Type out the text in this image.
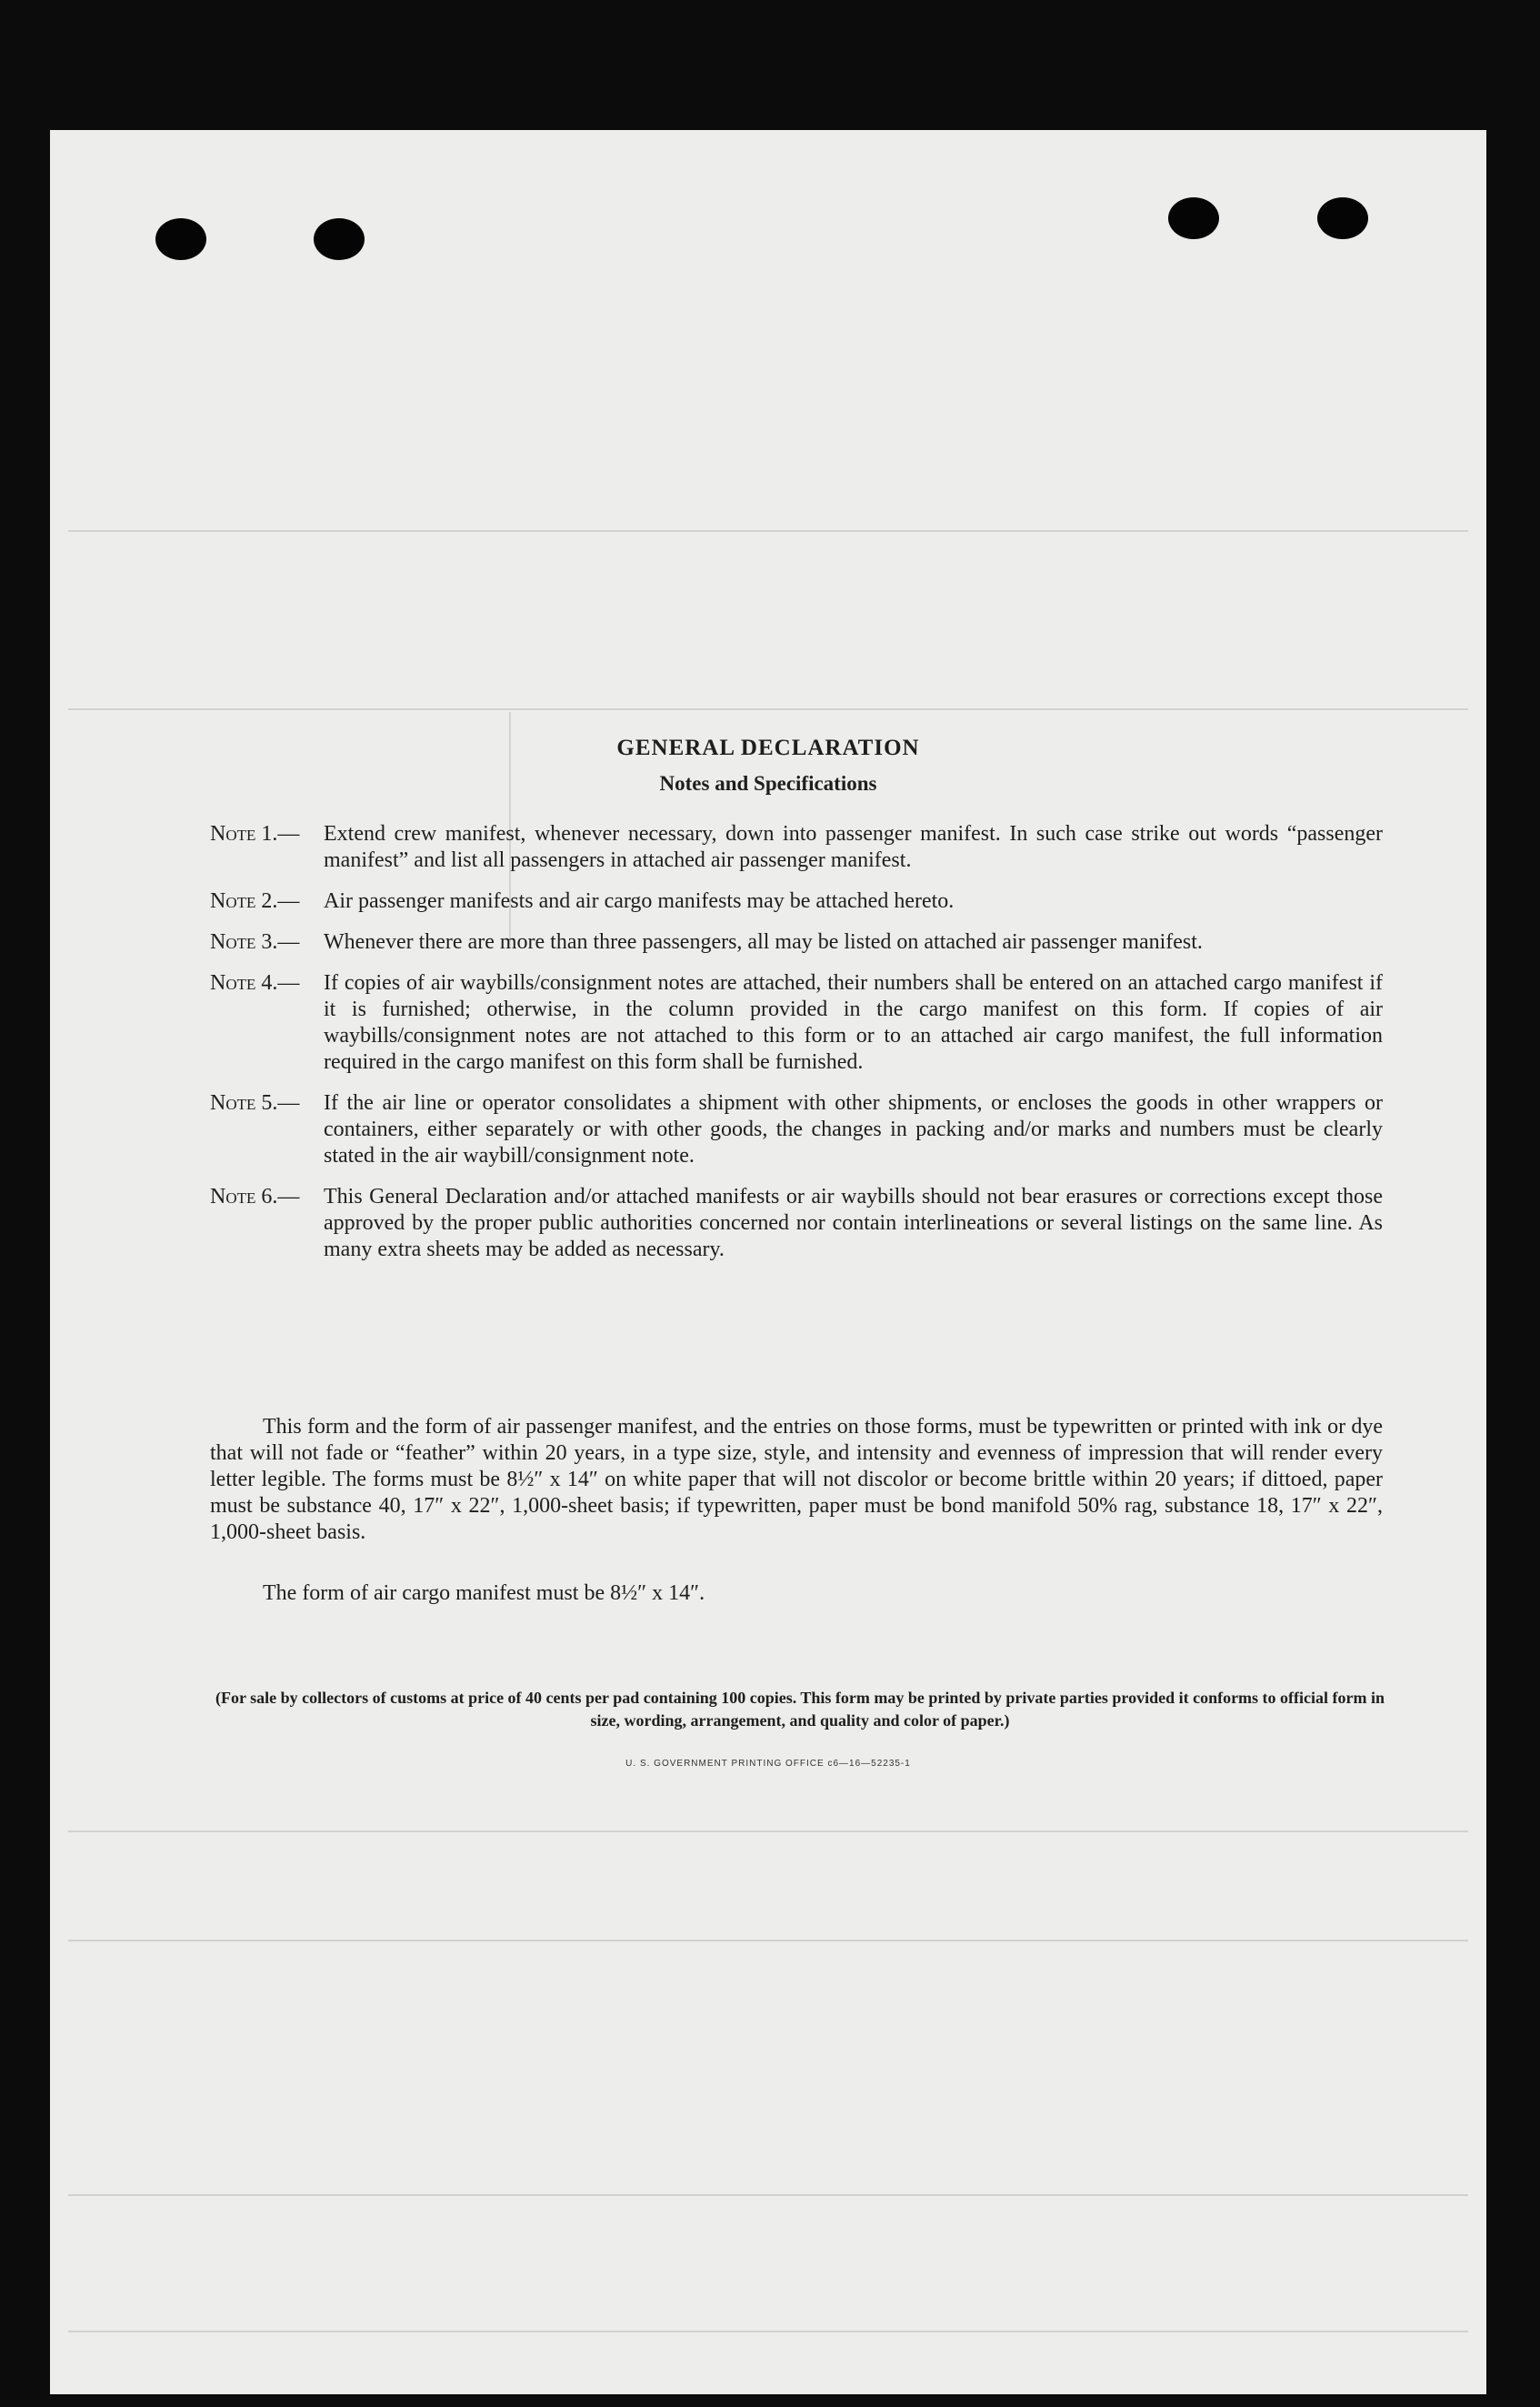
GENERAL DECLARATION
Notes and Specifications
Note 1.—	Extend crew manifest, whenever necessary, down into passenger manifest. In such case strike out words “passenger manifest” and list all passengers in attached air passenger manifest.
Note 2.—	Air passenger manifests and air cargo manifests may be attached hereto.
Note 3.—	Whenever there are more than three passengers, all may be listed on attached air passenger manifest.
Note 4.—	If copies of air waybills/consignment notes are attached, their numbers shall be entered on an attached cargo manifest if it is furnished; otherwise, in the column provided in the cargo manifest on this form. If copies of air waybills/consignment notes are not attached to this form or to an attached air cargo manifest, the full information required in the cargo manifest on this form shall be furnished.
Note 5.—	If the air line or operator consolidates a shipment with other shipments, or encloses the goods in other wrappers or containers, either separately or with other goods, the changes in packing and/or marks and numbers must be clearly stated in the air waybill/consignment note.
Note 6.—	This General Declaration and/or attached manifests or air waybills should not bear erasures or corrections except those approved by the proper public authorities concerned nor contain interlineations or several listings on the same line. As many extra sheets may be added as necessary.
This form and the form of air passenger manifest, and the entries on those forms, must be typewritten or printed with ink or dye that will not fade or “feather” within 20 years, in a type size, style, and intensity and evenness of impression that will render every letter legible. The forms must be 8½″ x 14″ on white paper that will not discolor or become brittle within 20 years; if dittoed, paper must be substance 40, 17″ x 22″, 1,000-sheet basis; if typewritten, paper must be bond manifold 50% rag, substance 18, 17″ x 22″, 1,000-sheet basis.
The form of air cargo manifest must be 8½″ x 14″.
(For sale by collectors of customs at price of 40 cents per pad containing 100 copies. This form may be printed by private parties provided it conforms to official form in size, wording, arrangement, and quality and color of paper.)
U. S. GOVERNMENT PRINTING OFFICE c6—16—52235-1
